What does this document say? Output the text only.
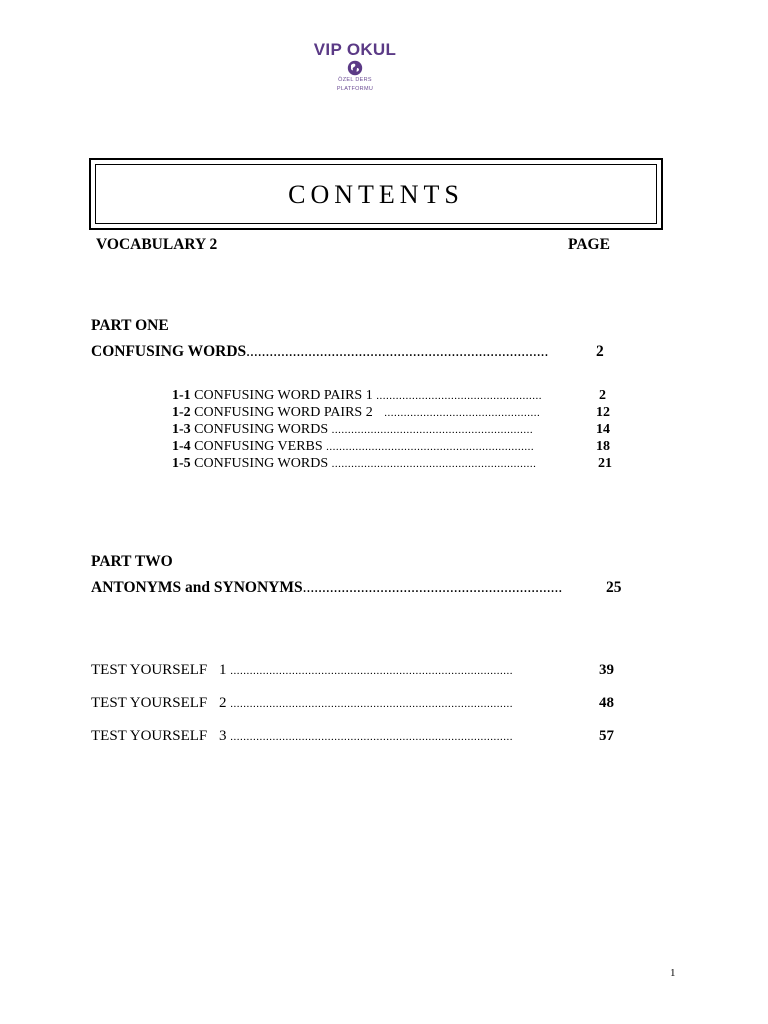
VIP OKUL
ÖZEL DERS
PLATFORMU
CONTENTS
VOCABULARY 2	PAGE
PART ONE
CONFUSING WORDS..............................................................................	2
1-1 CONFUSING WORD PAIRS 1 ...................................................	2
1-2 CONFUSING WORD PAIRS 2 ................................................	12
1-3 CONFUSING WORDS ..............................................................	14
1-4 CONFUSING VERBS ................................................................	18
1-5 CONFUSING WORDS ...............................................................	21
PART TWO
ANTONYMS and SYNONYMS...................................................................	25
TEST YOURSELF 1 .......................................................................................	39
TEST YOURSELF 2 .......................................................................................	48
TEST YOURSELF 3 .......................................................................................	57
1
